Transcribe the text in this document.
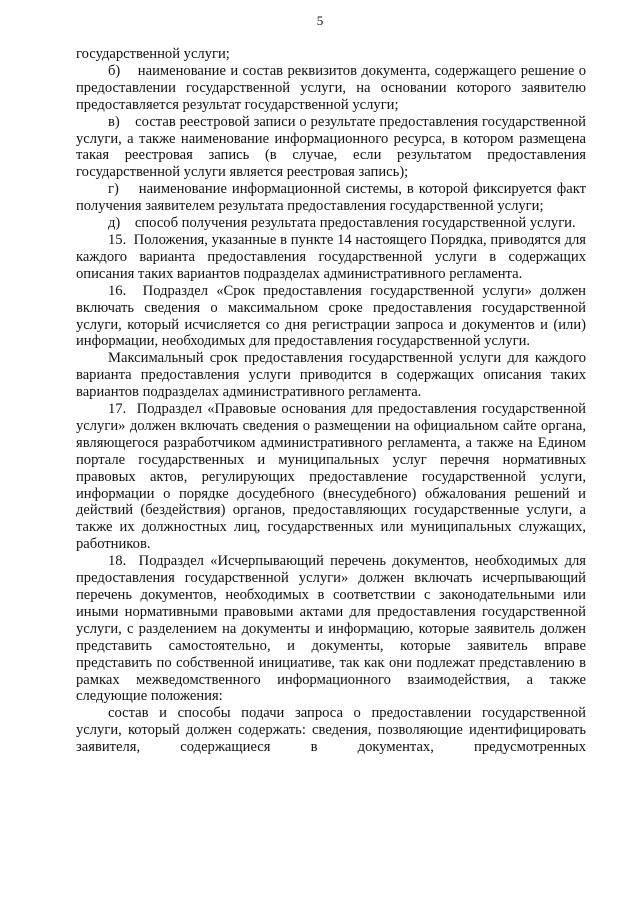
5

государственной услуги;

б)    наименование и состав реквизитов документа, содержащего решение о предоставлении государственной услуги, на основании которого заявителю предоставляется результат государственной услуги;

в)    состав реестровой записи о результате предоставления государственной услуги, а также наименование информационного ресурса, в котором размещена такая реестровая запись (в случае, если результатом предоставления государственной услуги является реестровая запись);

г)    наименование информационной системы, в которой фиксируется факт получения заявителем результата предоставления государственной услуги;

д)    способ получения результата предоставления государственной услуги.

15.  Положения, указанные в пункте 14 настоящего Порядка, приводятся для каждого варианта предоставления государственной услуги в содержащих описания таких вариантов подразделах административного регламента.

16.  Подраздел «Срок предоставления государственной услуги» должен включать сведения о максимальном сроке предоставления государственной услуги, который исчисляется со дня регистрации запроса и документов и (или) информации, необходимых для предоставления государственной услуги.

Максимальный срок предоставления государственной услуги для каждого варианта предоставления услуги приводится в содержащих описания таких вариантов подразделах административного регламента.

17.  Подраздел «Правовые основания для предоставления государственной услуги» должен включать сведения о размещении на официальном сайте органа, являющегося разработчиком административного регламента, а также на Едином портале государственных и муниципальных услуг перечня нормативных правовых актов, регулирующих предоставление государственной услуги, информации о порядке досудебного (внесудебного) обжалования решений и действий (бездействия) органов, предоставляющих государственные услуги, а также их должностных лиц, государственных или муниципальных служащих, работников.

18.  Подраздел «Исчерпывающий перечень документов, необходимых для предоставления государственной услуги» должен включать исчерпывающий перечень документов, необходимых в соответствии с законодательными или иными нормативными правовыми актами для предоставления государственной услуги, с разделением на документы и информацию, которые заявитель должен представить самостоятельно, и документы, которые заявитель вправе представить по собственной инициативе, так как они подлежат представлению в рамках межведомственного информационного взаимодействия, а также следующие положения:

состав и способы подачи запроса о предоставлении государственной услуги, который должен содержать: сведения, позволяющие идентифицировать заявителя, содержащиеся в документах, предусмотренных
